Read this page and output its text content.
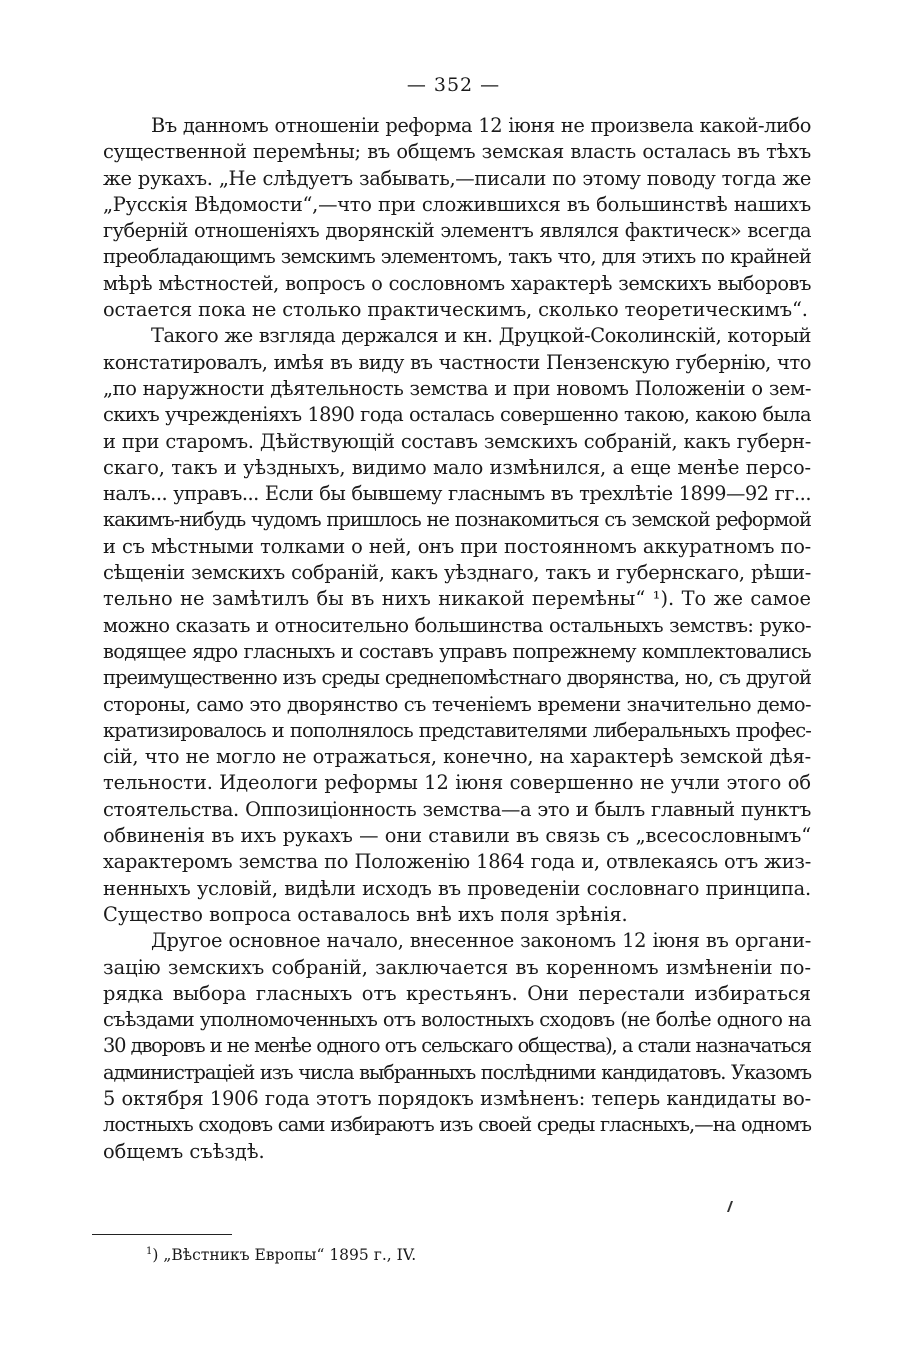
— 352 —
Въ данномъ отношеніи реформа 12 іюня не произвела какой-либо
существенной перемѣны; въ общемъ земская власть осталась въ тѣхъ
же рукахъ. „Не слѣдуетъ забывать,—писали по этому поводу тогда же
„Русскія Вѣдомости“,—что при сложившихся въ большинствѣ нашихъ
губерній отношеніяхъ дворянскій элементъ являлся фактическ» всегда
преобладающимъ земскимъ элементомъ, такъ что, для этихъ по крайней
мѣрѣ мѣстностей, вопросъ о сословномъ характерѣ земскихъ выборовъ
остается пока не столько практическимъ, сколько теоретическимъ“.
Такого же взгляда держался и кн. Друцкой-Соколинскій, который
констатировалъ, имѣя въ виду въ частности Пензенскую губернію, что
„по наружности дѣятельность земства и при новомъ Положеніи о зем-
скихъ учрежденіяхъ 1890 года осталась совершенно такою, какою была
и при старомъ. Дѣйствующій составъ земскихъ собраній, какъ губерн-
скаго, такъ и уѣздныхъ, видимо мало измѣнился, а еще менѣе персо-
налъ... управъ... Если бы бывшему гласнымъ въ трехлѣтіе 1899—92 гг...
какимъ-нибудь чудомъ пришлось не познакомиться съ земской реформой
и съ мѣстными толками о ней, онъ при постоянномъ аккуратномъ по-
сѣщеніи земскихъ собраній, какъ уѣзднаго, такъ и губернскаго, рѣши-
тельно не замѣтилъ бы въ нихъ никакой перемѣны“ ¹). То же самое
можно сказать и относительно большинства остальныхъ земствъ: руко-
водящее ядро гласныхъ и составъ управъ попрежнему комплектовались
преимущественно изъ среды среднепомѣстнаго дворянства, но, съ другой
стороны, само это дворянство съ теченіемъ времени значительно демо-
кратизировалось и пополнялось представителями либеральныхъ профес-
сій, что не могло не отражаться, конечно, на характерѣ земской дѣя-
тельности. Идеологи реформы 12 іюня совершенно не учли этого об
стоятельства. Оппозиціонность земства—а это и былъ главный пунктъ
обвиненія въ ихъ рукахъ — они ставили въ связь съ „всесословнымъ“
характеромъ земства по Положенію 1864 года и, отвлекаясь отъ жиз-
ненныхъ условій, видѣли исходъ въ проведеніи сословнаго принципа.
Существо вопроса оставалось внѣ ихъ поля зрѣнія.
Другое основное начало, внесенное закономъ 12 іюня въ органи-
зацію земскихъ собраній, заключается въ коренномъ измѣненіи по-
рядка выбора гласныхъ отъ крестьянъ. Они перестали избираться
съѣздами уполномоченныхъ отъ волостныхъ сходовъ (не болѣе одного на
30 дворовъ и не менѣе одного отъ сельскаго общества), а стали назначаться
администраціей изъ числа выбранныхъ послѣдними кандидатовъ. Указомъ
5 октября 1906 года этотъ порядокъ измѣненъ: теперь кандидаты во-
лостныхъ сходовъ сами избираютъ изъ своей среды гласныхъ,—на одномъ
общемъ съѣздѣ.
$^1$) „Вѣстникъ Европы“ 1895 г., IV.
